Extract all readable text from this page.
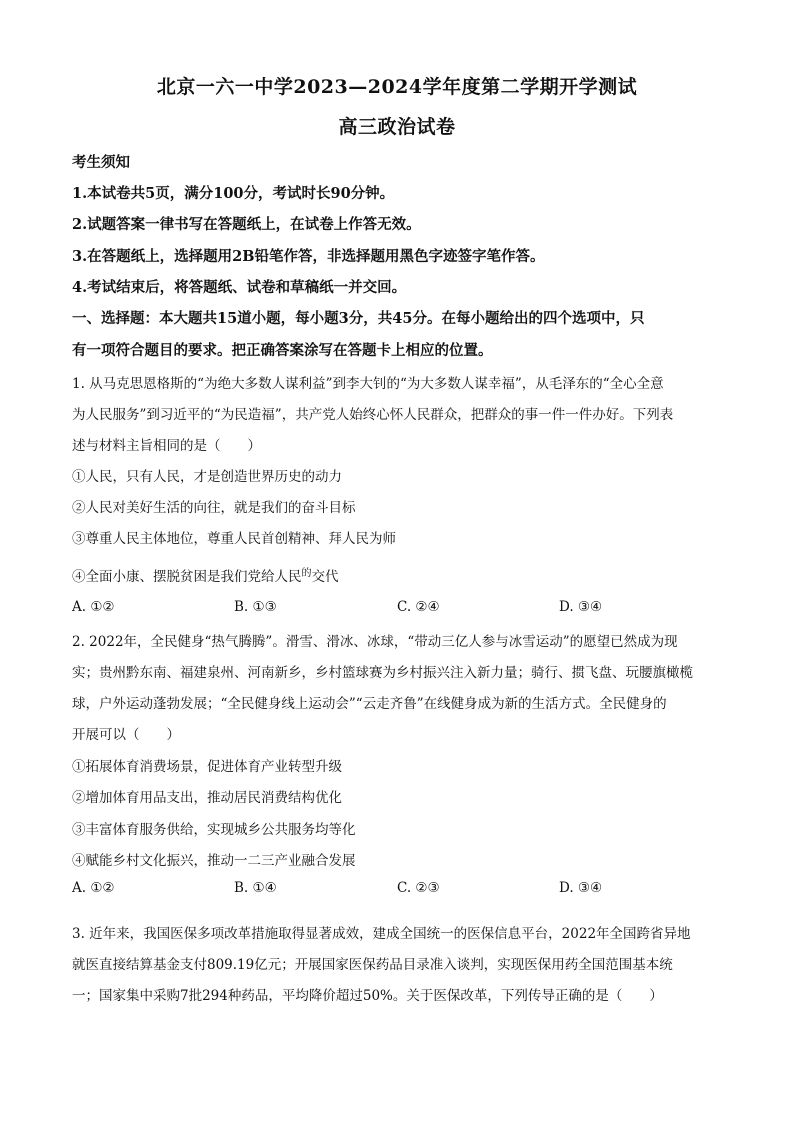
北京一六一中学2023—2024学年度第二学期开学测试
高三政治试卷
考生须知
1.本试卷共5页，满分100分，考试时长90分钟。
2.试题答案一律书写在答题纸上，在试卷上作答无效。
3.在答题纸上，选择题用2B铅笔作答，非选择题用黑色字迹签字笔作答。
4.考试结束后，将答题纸、试卷和草稿纸一并交回。
一、选择题：本大题共15道小题，每小题3分，共45分。在每小题给出的四个选项中，只
有一项符合题目的要求。把正确答案涂写在答题卡上相应的位置。
1. 从马克思恩格斯的“为绝大多数人谋利益”到李大钊的“为大多数人谋幸福”，从毛泽东的“全心全意
为人民服务”到习近平的“为民造福”，共产党人始终心怀人民群众，把群众的事一件一件办好。下列表
述与材料主旨相同的是（　　）
①人民，只有人民，才是创造世界历史的动力
②人民对美好生活的向往，就是我们的奋斗目标
③尊重人民主体地位，尊重人民首创精神、拜人民为师
④全面小康、摆脱贫困是我们党给人民$^的$交代
A. ①②	B. ①③	C. ②④	D. ③④
2. 2022年，全民健身“热气腾腾”。滑雪、滑冰、冰球，“带动三亿人参与冰雪运动”的愿望已然成为现
实；贵州黔东南、福建泉州、河南新乡，乡村篮球赛为乡村振兴注入新力量；骑行、掼飞盘、玩腰旗橄榄
球，户外运动蓬勃发展；“全民健身线上运动会”“云走齐鲁”在线健身成为新的生活方式。全民健身的
开展可以（　　）
①拓展体育消费场景，促进体育产业转型升级
②增加体育用品支出，推动居民消费结构优化
③丰富体育服务供给，实现城乡公共服务均等化
④赋能乡村文化振兴，推动一二三产业融合发展
A. ①②	B. ①④	C. ②③	D. ③④
3. 近年来，我国医保多项改革措施取得显著成效，建成全国统一的医保信息平台，2022年全国跨省异地
就医直接结算基金支付809.19亿元；开展国家医保药品目录准入谈判，实现医保用药全国范围基本统
一；国家集中采购7批294种药品，平均降价超过50%。关于医保改革，下列传导正确的是（　　）
